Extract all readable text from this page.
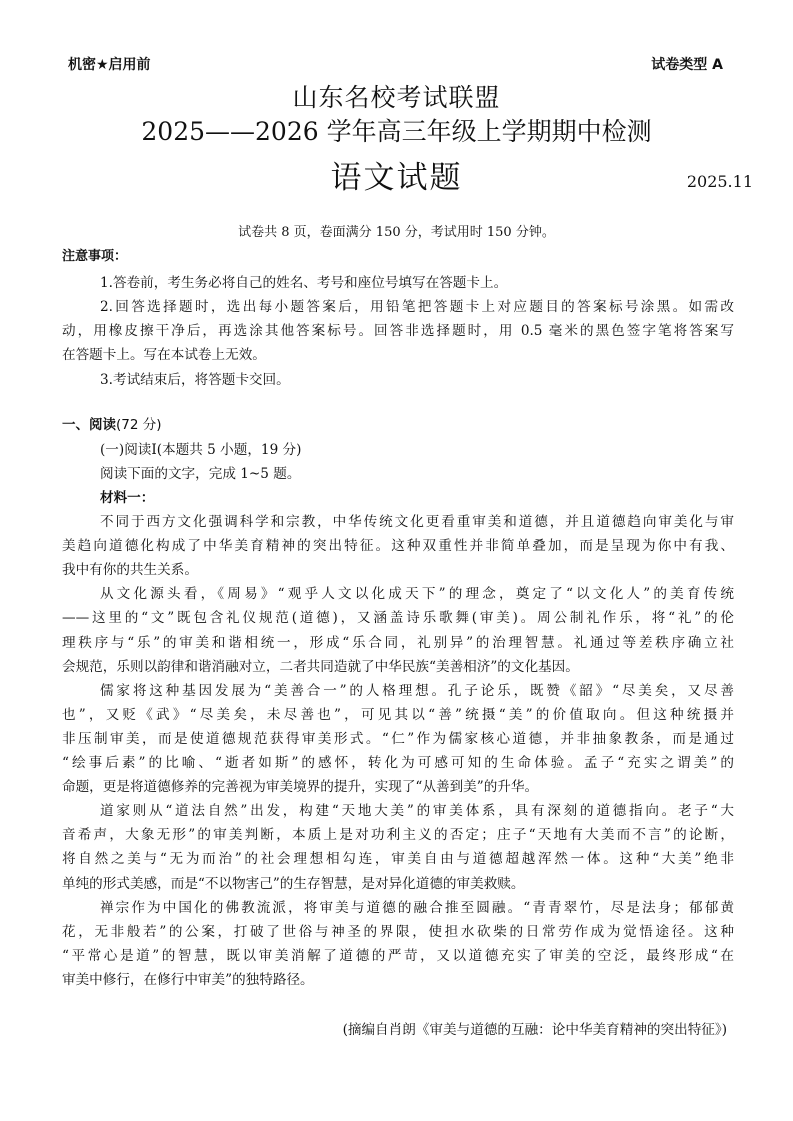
机密★启用前	试卷类型 A
山东名校考试联盟
2025——2026 学年高三年级上学期期中检测
语文试题	2025.11
试卷共 8 页，卷面满分 150 分，考试用时 150 分钟。
注意事项：
1.答卷前，考生务必将自己的姓名、考号和座位号填写在答题卡上。
2.回答选择题时，选出每小题答案后，用铅笔把答题卡上对应题目的答案标号涂黑。如需改
动，用橡皮擦干净后，再选涂其他答案标号。回答非选择题时，用 0.5 毫米的黑色签字笔将答案写
在答题卡上。写在本试卷上无效。
3.考试结束后，将答题卡交回。
一、阅读(72 分)
(一)阅读Ⅰ(本题共 5 小题，19 分)
阅读下面的文字，完成 1~5 题。
材料一：
不同于西方文化强调科学和宗教，中华传统文化更看重审美和道德，并且道德趋向审美化与审
美趋向道德化构成了中华美育精神的突出特征。这种双重性并非简单叠加，而是呈现为你中有我、
我中有你的共生关系。
从文化源头看，《周易》“观乎人文以化成天下”的理念，奠定了“以文化人”的美育传统
——这里的“文”既包含礼仪规范(道德)，又涵盖诗乐歌舞(审美)。周公制礼作乐，将“礼”的伦
理秩序与“乐”的审美和谐相统一，形成“乐合同，礼别异”的治理智慧。礼通过等差秩序确立社
会规范，乐则以韵律和谐消融对立，二者共同造就了中华民族“美善相济”的文化基因。
儒家将这种基因发展为“美善合一”的人格理想。孔子论乐，既赞《韶》“尽美矣，又尽善
也”，又贬《武》“尽美矣，未尽善也”，可见其以“善”统摄“美”的价值取向。但这种统摄并
非压制审美，而是使道德规范获得审美形式。“仁”作为儒家核心道德，并非抽象教条，而是通过
“绘事后素”的比喻、“逝者如斯”的感怀，转化为可感可知的生命体验。孟子“充实之谓美”的
命题，更是将道德修养的完善视为审美境界的提升，实现了“从善到美”的升华。
道家则从“道法自然”出发，构建“天地大美”的审美体系，具有深刻的道德指向。老子“大
音希声，大象无形”的审美判断，本质上是对功利主义的否定；庄子“天地有大美而不言”的论断，
将自然之美与“无为而治”的社会理想相勾连，审美自由与道德超越浑然一体。这种“大美”绝非
单纯的形式美感，而是“不以物害己”的生存智慧，是对异化道德的审美救赎。
禅宗作为中国化的佛教流派，将审美与道德的融合推至圆融。“青青翠竹，尽是法身；郁郁黄
花，无非般若”的公案，打破了世俗与神圣的界限，使担水砍柴的日常劳作成为觉悟途径。这种
“平常心是道”的智慧，既以审美消解了道德的严苛，又以道德充实了审美的空泛，最终形成“在
审美中修行，在修行中审美”的独特路径。
(摘编自肖朗《审美与道德的互融：论中华美育精神的突出特征》)
